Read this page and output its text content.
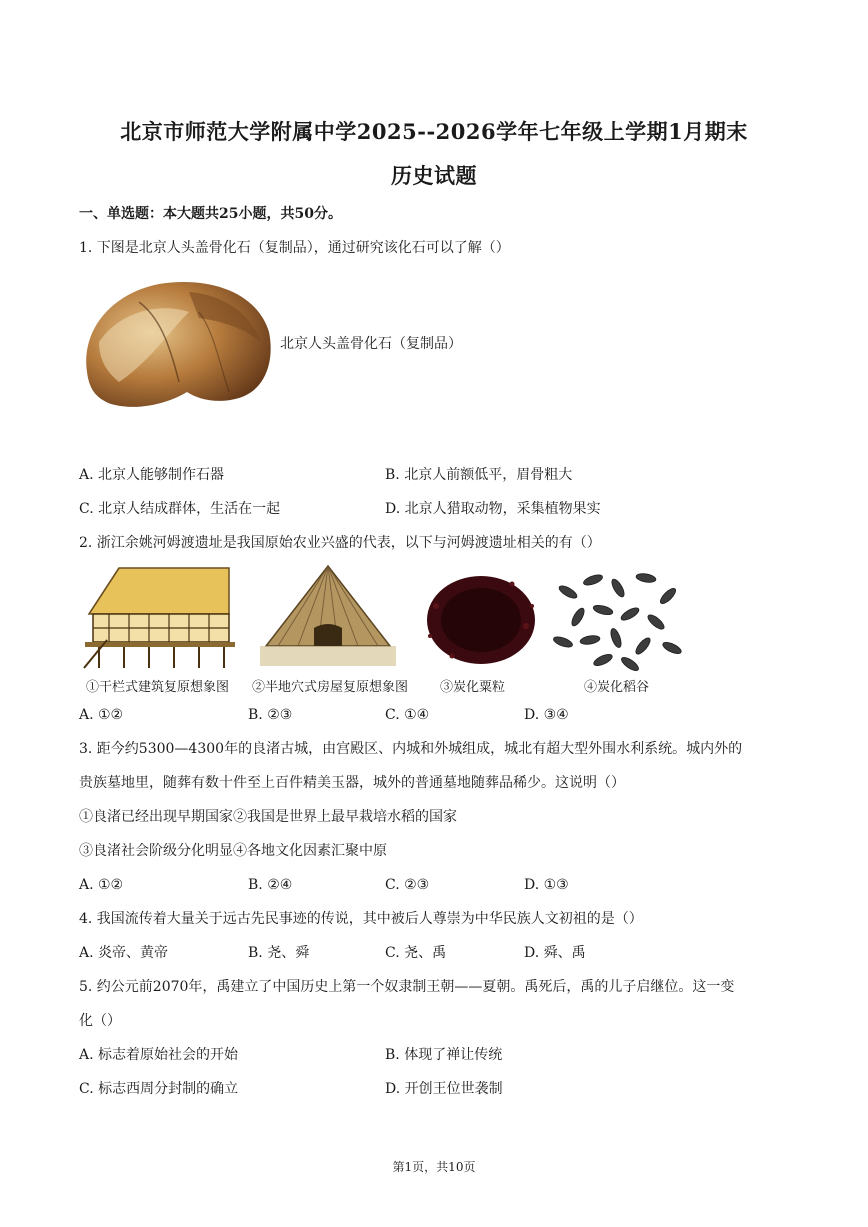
北京市师范大学附属中学2025--2026学年七年级上学期1月期末
历史试题
一、单选题：本大题共25小题，共50分。
1. 下图是北京人头盖骨化石（复制品），通过研究该化石可以了解（）
北京人头盖骨化石（复制品）
A. 北京人能够制作石器	B. 北京人前额低平，眉骨粗大
C. 北京人结成群体，生活在一起	D. 北京人猎取动物，采集植物果实
2. 浙江余姚河姆渡遗址是我国原始农业兴盛的代表，以下与河姆渡遗址相关的有（）
①干栏式建筑复原想象图 ②半地穴式房屋复原想象图 ③炭化粟粒	④炭化稻谷
A. ①②	B. ②③	C. ①④	D. ③④
3. 距今约5300—4300年的良渚古城，由宫殿区、内城和外城组成，城北有超大型外围水利系统。城内外的
贵族墓地里，随葬有数十件至上百件精美玉器，城外的普通墓地随葬品稀少。这说明（）
①良渚已经出现早期国家②我国是世界上最早栽培水稻的国家
③良渚社会阶级分化明显④各地文化因素汇聚中原
A. ①②	B. ②④	C. ②③	D. ①③
4. 我国流传着大量关于远古先民事迹的传说，其中被后人尊崇为中华民族人文初祖的是（）
A. 炎帝、黄帝	B. 尧、舜	C. 尧、禹	D. 舜、禹
5. 约公元前2070年，禹建立了中国历史上第一个奴隶制王朝——夏朝。禹死后，禹的儿子启继位。这一变
化（）
A. 标志着原始社会的开始	B. 体现了禅让传统
C. 标志西周分封制的确立	D. 开创王位世袭制
第1页，共10页
